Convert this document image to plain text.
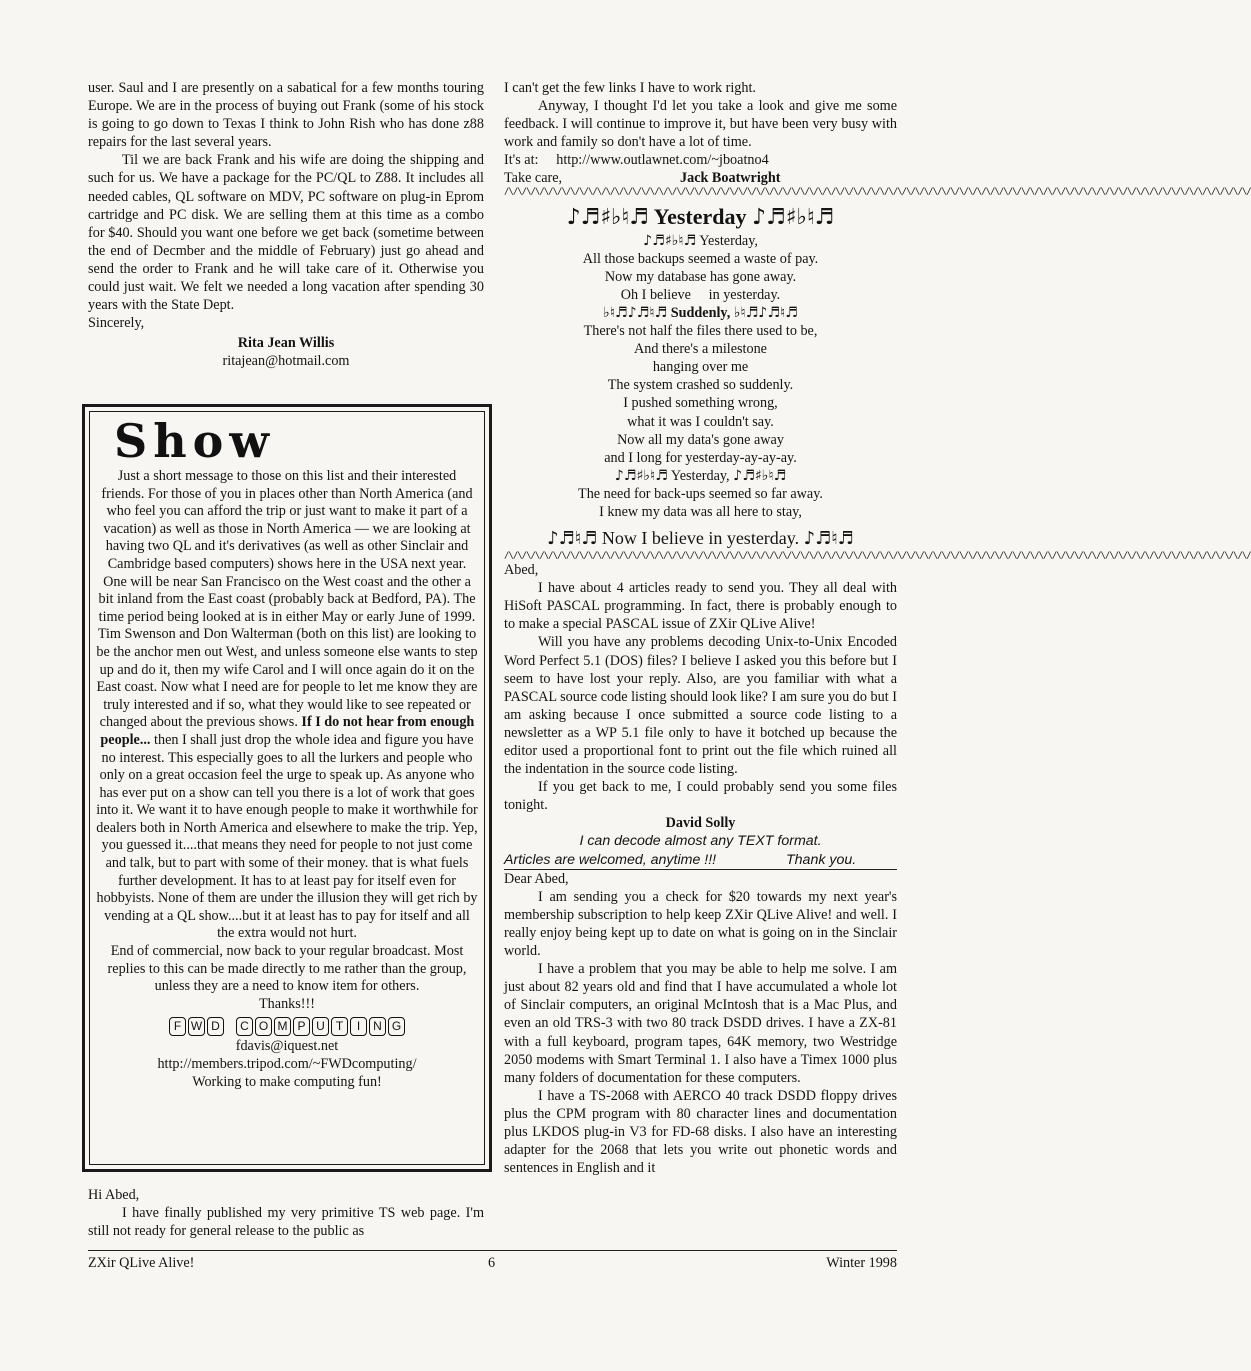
user. Saul and I are presently on a sabatical for a few months touring Europe. We are in the process of buying out Frank (some of his stock is going to go down to Texas I think to John Rish who has done z88 repairs for the last several years.

Til we are back Frank and his wife are doing the shipping and such for us. We have a package for the PC/QL to Z88. It includes all needed cables, QL software on MDV, PC software on plug-in Eprom cartridge and PC disk. We are selling them at this time as a combo for $40. Should you want one before we get back (sometime between the end of Decmber and the middle of February) just go ahead and send the order to Frank and he will take care of it. Otherwise you could just wait. We felt we needed a long vacation after spending 30 years with the State Dept.

Sincerely,

Rita Jean Willis

ritajean@hotmail.com

Show
Just a short message to those on this list and their interested friends. For those of you in places other than North America (and who feel you can afford the trip or just want to make it part of a vacation) as well as those in North America — we are looking at having two QL and it's derivatives (as well as other Sinclair and Cambridge based computers) shows here in the USA next year. One will be near San Francisco on the West coast and the other a bit inland from the East coast (probably back at Bedford, PA). The time period being looked at is in either May or early June of 1999. Tim Swenson and Don Walterman (both on this list) are looking to be the anchor men out West, and unless someone else wants to step up and do it, then my wife Carol and I will once again do it on the East coast. Now what I need are for people to let me know they are truly interested and if so, what they would like to see repeated or changed about the previous shows. If I do not hear from enough people... then I shall just drop the whole idea and figure you have no interest. This especially goes to all the lurkers and people who only on a great occasion feel the urge to speak up. As anyone who has ever put on a show can tell you there is a lot of work that goes into it. We want it to have enough people to make it worthwhile for dealers both in North America and elsewhere to make the trip. Yep, you guessed it....that means they need for people to not just come and talk, but to part with some of their money. that is what fuels further development. It has to at least pay for itself even for hobbyists. None of them are under the illusion they will get rich by vending at a QL show....but it at least has to pay for itself and all the extra would not hurt.
End of commercial, now back to your regular broadcast. Most replies to this can be made directly to me rather than the group, unless they are a need to know item for others.
Thanks!!!
F W D C O M P U T I N G
fdavis@iquest.net
http://members.tripod.com/~FWDcomputing/
Working to make computing fun!

Hi Abed,

I have finally published my very primitive TS web page. I'm still not ready for general release to the public as

I can't get the few links I have to work right.

Anyway, I thought I'd let you take a look and give me some feedback. I will continue to improve it, but have been very busy with work and family so don't have a lot of time.

It's at: http://www.outlawnet.com/~jboatno4

Take care,	Jack Boatwright

/\/\/\/\/\/\/\/\/\/\/\/\/\/\/\/\/\/\/\/\/\/\/\/\/\/\/\/\/\/\/\/\/\/\/\/\/\/\/\/\/\/\/\/\/\/\/\/\/\/\/\/\/\/\/\/\/\/\/\/\/\/\/\/\/\/\/\/\/\/\/\/\/\/\/\/\/\/\/\/\/\/\/\/\/
♪♬♯♭♮♬ Yesterday ♪♬♯♭♮♬
♪♬♯♭♮♬ Yesterday,
All those backups seemed a waste of pay.
Now my database has gone away.
Oh I believe     in yesterday.
♭♮♬♪♬♮♬ Suddenly, ♭♮♬♪♬♮♬
There's not half the files there used to be,
And there's a milestone
hanging over me
The system crashed so suddenly.
I pushed something wrong,
what it was I couldn't say.
Now all my data's gone away
and I long for yesterday-ay-ay-ay.
♪♬♯♭♮♬ Yesterday, ♪♬♯♭♮♬
The need for back-ups seemed so far away.
I knew my data was all here to stay,
♪♬♮♬ Now I believe in yesterday. ♪♬♮♬
/\/\/\/\/\/\/\/\/\/\/\/\/\/\/\/\/\/\/\/\/\/\/\/\/\/\/\/\/\/\/\/\/\/\/\/\/\/\/\/\/\/\/\/\/\/\/\/\/\/\/\/\/\/\/\/\/\/\/\/\/\/\/\/\/\/\/\/\/\/\/\/\/\/\/\/\/\/\/\/\/\/\/\/\/

Abed,

I have about 4 articles ready to send you. They all deal with HiSoft PASCAL programming. In fact, there is probably enough to to make a special PASCAL issue of ZXir QLive Alive!

Will you have any problems decoding Unix-to-Unix Encoded Word Perfect 5.1 (DOS) files? I believe I asked you this before but I seem to have lost your reply. Also, are you familiar with what a PASCAL source code listing should look like? I am sure you do but I am asking because I once submitted a source code listing to a newsletter as a WP 5.1 file only to have it botched up because the editor used a proportional font to print out the file which ruined all the indentation in the source code listing.

If you get back to me, I could probably send you some files tonight.

David Solly

I can decode almost any TEXT format.

Articles are welcomed, anytime !!!	Thank you.

Dear Abed,

I am sending you a check for $20 towards my next year's membership subscription to help keep ZXir QLive Alive! and well. I really enjoy being kept up to date on what is going on in the Sinclair world.

I have a problem that you may be able to help me solve. I am just about 82 years old and find that I have accumulated a whole lot of Sinclair computers, an original McIntosh that is a Mac Plus, and even an old TRS-3 with two 80 track DSDD drives. I have a ZX-81 with a full keyboard, program tapes, 64K memory, two Westridge 2050 modems with Smart Terminal 1. I also have a Timex 1000 plus many folders of documentation for these computers.

I have a TS-2068 with AERCO 40 track DSDD floppy drives plus the CPM program with 80 character lines and documentation plus LKDOS plug-in V3 for FD-68 disks. I also have an interesting adapter for the 2068 that lets you write out phonetic words and sentences in English and it

ZXir QLive Alive!	6	Winter 1998
